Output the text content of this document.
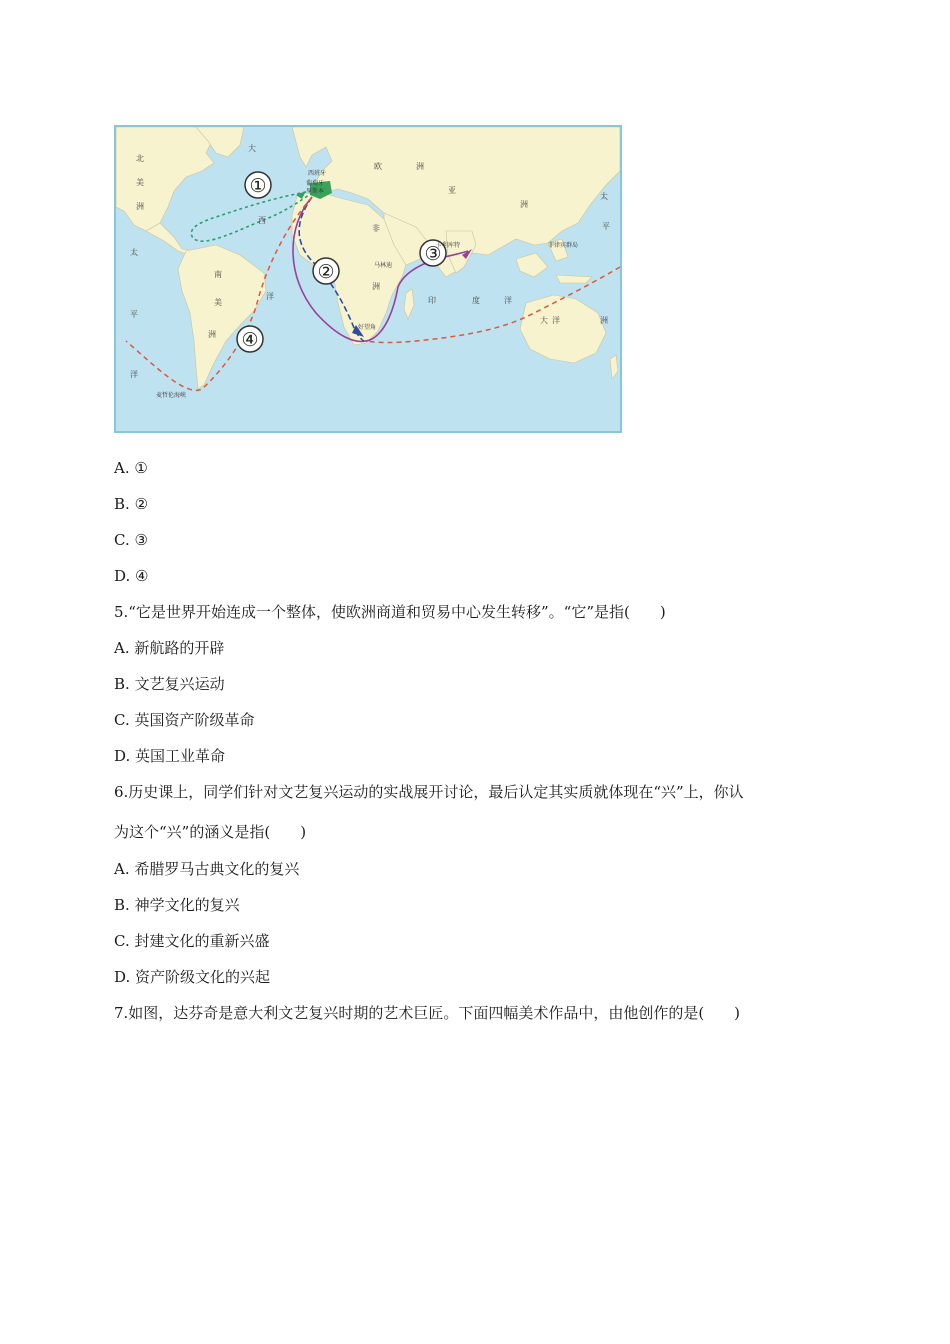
①
②
③
④
北
美
洲
南
美
洲
欧	洲
非
洲
亚
洲
大 洋	洲
大
西
洋
太
平
洋
太
平
印	度	洋
西班牙
葡萄牙
里斯本
马林迪
卡利库特
好望角
菲律宾群岛
麦哲伦海峡
A. ①
B. ②
C. ③
D. ④
5.“它是世界开始连成一个整体，使欧洲商道和贸易中心发生转移”。“它”是指(　　)
A. 新航路的开辟
B. 文艺复兴运动
C. 英国资产阶级革命
D. 英国工业革命
6.历史课上，同学们针对文艺复兴运动的实战展开讨论，最后认定其实质就体现在“兴”上，你认
为这个“兴”的涵义是指(　　)
A. 希腊罗马古典文化的复兴
B. 神学文化的复兴
C. 封建文化的重新兴盛
D. 资产阶级文化的兴起
7.如图，达芬奇是意大利文艺复兴时期的艺术巨匠。下面四幅美术作品中，由他创作的是(　　)
